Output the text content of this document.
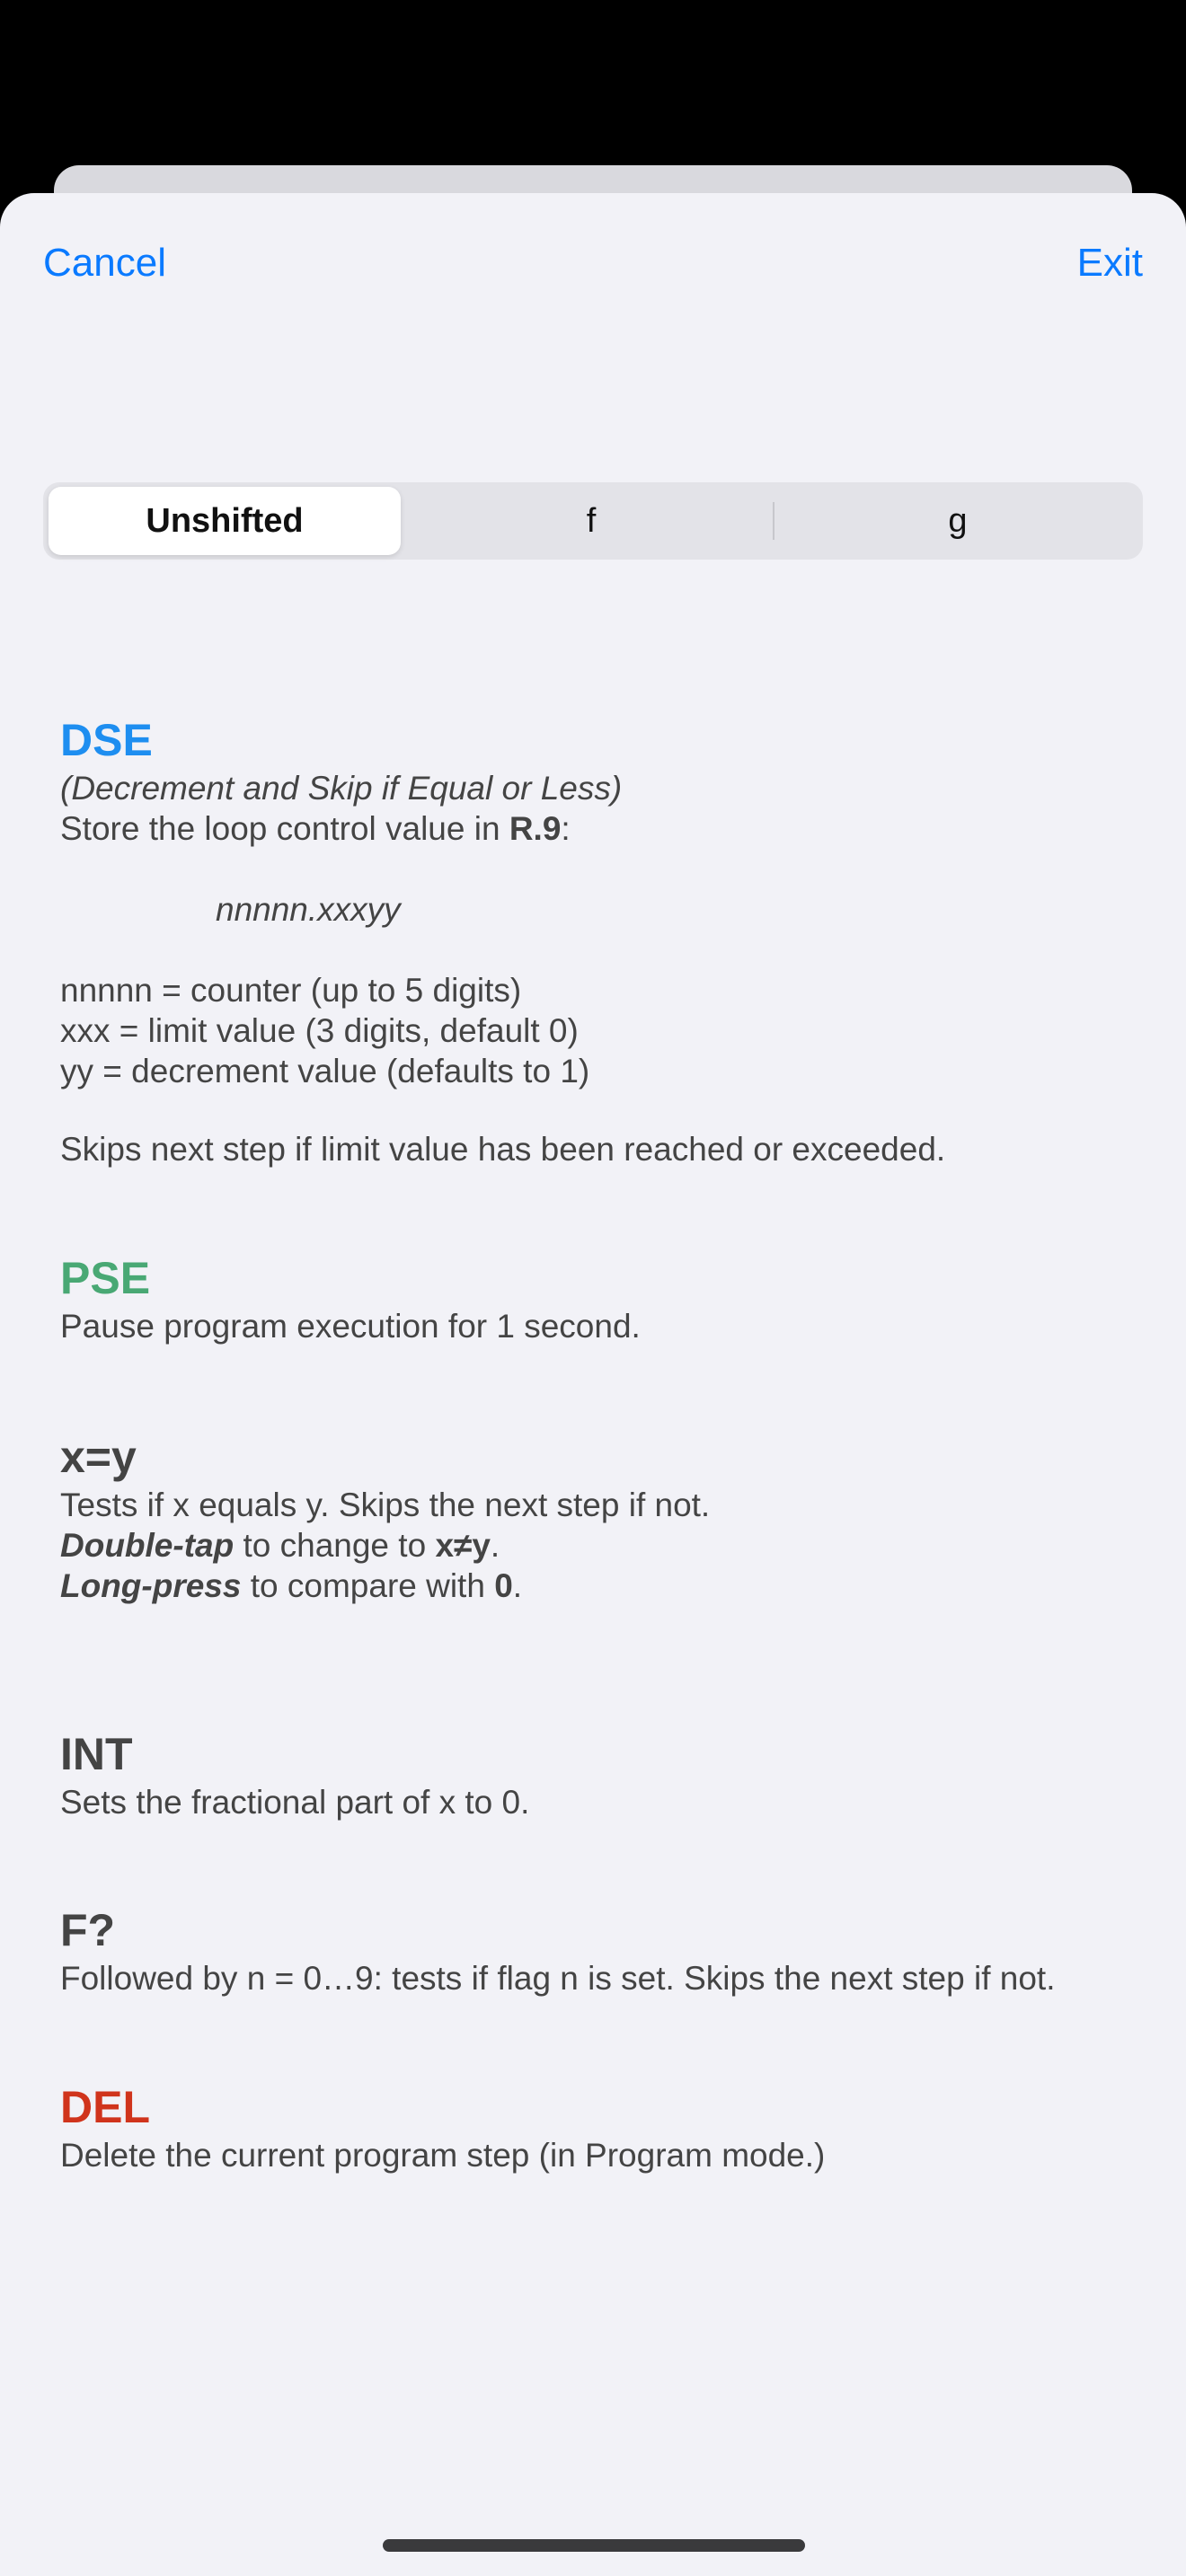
Cancel	Exit
Unshifted	f	g
DSE

(Decrement and Skip if Equal or Less)

Store the loop control value in R.9:

nnnnn.xxxyy

nnnnn = counter (up to 5 digits)

xxx = limit value (3 digits, default 0)

yy = decrement value (defaults to 1)

Skips next step if limit value has been reached or exceeded.

PSE

Pause program execution for 1 second.

x=y

Tests if x equals y. Skips the next step if not.

Double-tap to change to x≠y.

Long-press to compare with 0.

INT

Sets the fractional part of x to 0.

F?

Followed by n = 0…9: tests if flag n is set. Skips the next step if not.

DEL

Delete the current program step (in Program mode.)
